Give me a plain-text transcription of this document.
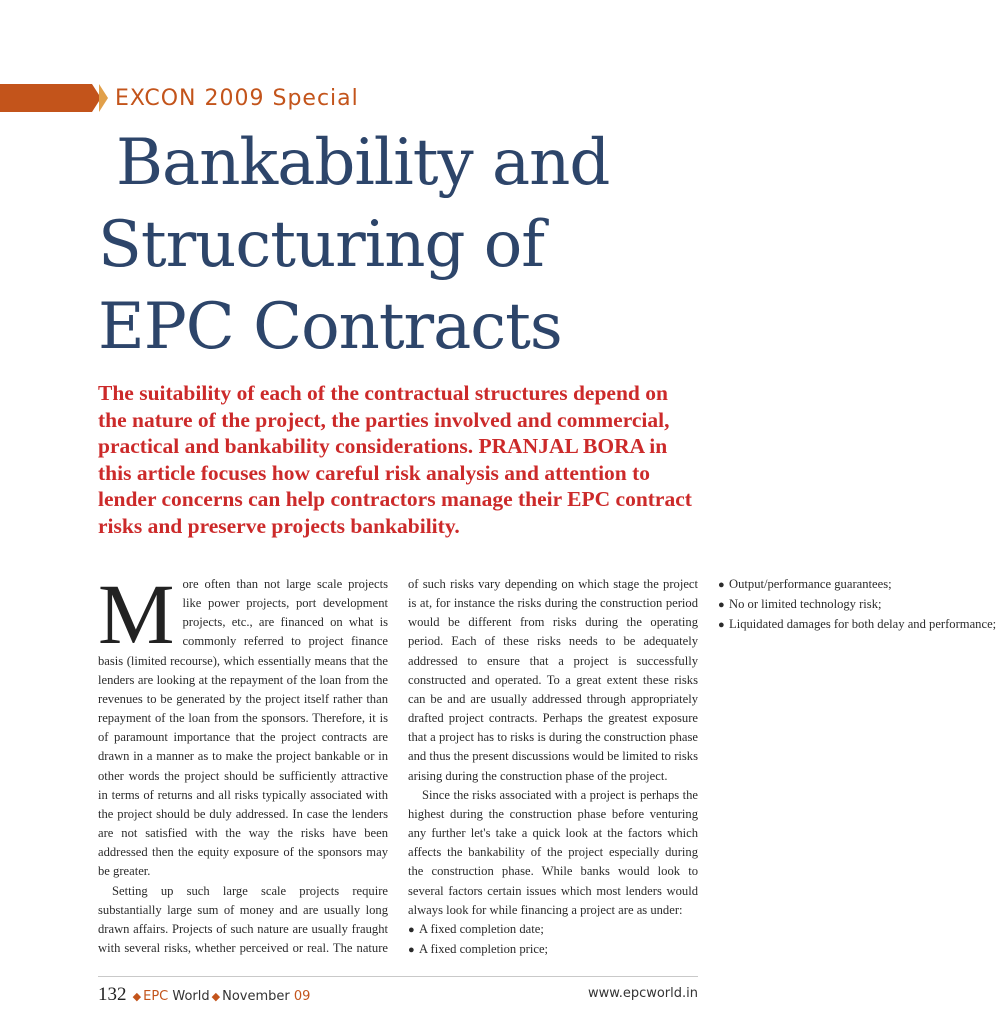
EXCON 2009 Special
Bankability and
Structuring of
EPC Contracts

The suitability of each of the contractual structures depend on the nature of the project, the parties involved and commercial, practical and bankability considerations. PRANJAL BORA in this article focuses how careful risk analysis and attention to lender concerns can help contractors manage their EPC contract risks and preserve projects bankability.

More often than not large scale projects like power projects, port development projects, etc., are financed on what is commonly referred to project finance basis (limited recourse), which essentially means that the lenders are looking at the repayment of the loan from the revenues to be generated by the project itself rather than repayment of the loan from the sponsors. Therefore, it is of paramount importance that the project contracts are drawn in a manner as to make the project bankable or in other words the project should be sufficiently attractive in terms of returns and all risks typically associated with the project should be duly addressed. In case the lenders are not satisfied with the way the risks have been addressed then the equity exposure of the sponsors may be greater.

Setting up such large scale projects require substantially large sum of money and are usually long drawn affairs. Projects of such nature are usually fraught with several risks, whether perceived or real. The nature of such risks vary depending on which stage the project is at, for instance the risks during the construction period would be different from risks during the operating period. Each of these risks needs to be adequately addressed to ensure that a project is successfully constructed and operated. To a great extent these risks can be and are usually addressed through appropriately drafted project contracts. Perhaps the greatest exposure that a project has to risks is during the construction phase and thus the present discussions would be limited to risks arising during the construction phase of the project.

Since the risks associated with a project is perhaps the highest during the construction phase before venturing any further let's take a quick look at the factors which affects the bankability of the project especially during the construction phase. While banks would look to several factors certain issues which most lenders would always look for while financing a project are as under:

● A fixed completion date;
● A fixed completion price;
● Output/performance guarantees;
● No or limited technology risk;
● Liquidated damages for both delay and performance;
132 ◆ EPC World ◆ November 09	www.epcworld.in
